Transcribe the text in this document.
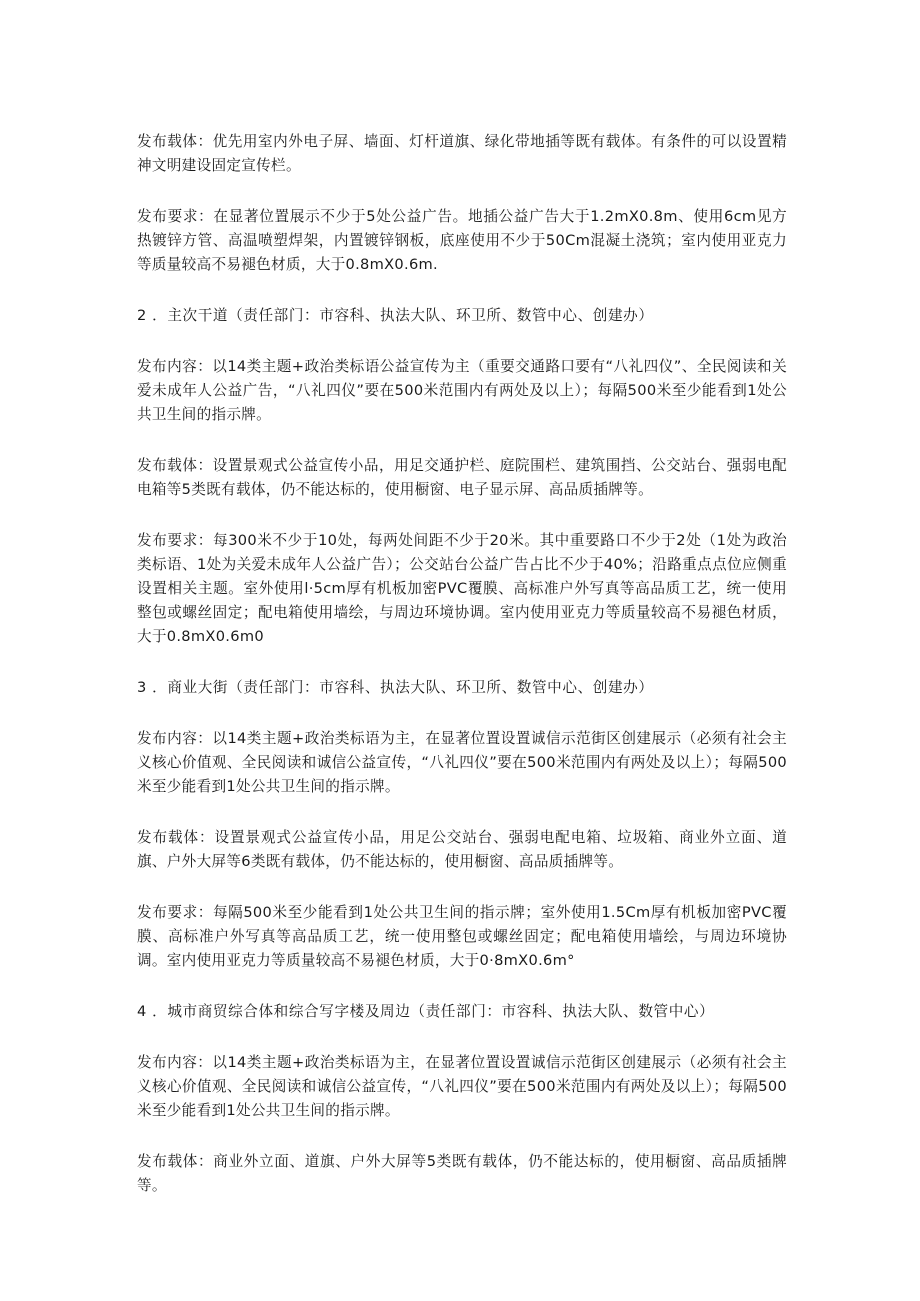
发布载体：优先用室内外电子屏、墙面、灯杆道旗、绿化带地插等既有载体。有条件的可以设置精神文明建设固定宣传栏。

发布要求：在显著位置展示不少于5处公益广告。地插公益广告大于1.2mX0.8m、使用6cm见方热镀锌方管、高温喷塑焊架，内置镀锌钢板，底座使用不少于50Cm混凝土浇筑；室内使用亚克力等质量较高不易褪色材质，大于0.8mX0.6m.

2 ．主次干道（责任部门：市容科、执法大队、环卫所、数管中心、创建办）

发布内容：以14类主题+政治类标语公益宣传为主（重要交通路口要有“八礼四仪”、全民阅读和关爱未成年人公益广告，“八礼四仪”要在500米范围内有两处及以上）；每隔500米至少能看到1处公共卫生间的指示牌。

发布载体：设置景观式公益宣传小品，用足交通护栏、庭院围栏、建筑围挡、公交站台、强弱电配电箱等5类既有载体，仍不能达标的，使用橱窗、电子显示屏、高品质插牌等。

发布要求：每300米不少于10处，每两处间距不少于20米。其中重要路口不少于2处（1处为政治类标语、1处为关爱未成年人公益广告）；公交站台公益广告占比不少于40%；沿路重点点位应侧重设置相关主题。室外使用l·5cm厚有机板加密PVC覆膜、高标准户外写真等高品质工艺，统一使用整包或螺丝固定；配电箱使用墙绘，与周边环境协调。室内使用亚克力等质量较高不易褪色材质，大于0.8mX0.6m0

3 ．商业大街（责任部门：市容科、执法大队、环卫所、数管中心、创建办）

发布内容：以14类主题+政治类标语为主，在显著位置设置诚信示范街区创建展示（必须有社会主义核心价值观、全民阅读和诚信公益宣传，“八礼四仪”要在500米范围内有两处及以上）；每隔500米至少能看到1处公共卫生间的指示牌。

发布载体：设置景观式公益宣传小品，用足公交站台、强弱电配电箱、垃圾箱、商业外立面、道旗、户外大屏等6类既有载体，仍不能达标的，使用橱窗、高品质插牌等。

发布要求：每隔500米至少能看到1处公共卫生间的指示牌；室外使用1.5Cm厚有机板加密PVC覆膜、高标准户外写真等高品质工艺，统一使用整包或螺丝固定；配电箱使用墙绘，与周边环境协调。室内使用亚克力等质量较高不易褪色材质，大于0·8mX0.6m°

4 ．城市商贸综合体和综合写字楼及周边（责任部门：市容科、执法大队、数管中心）

发布内容：以14类主题+政治类标语为主，在显著位置设置诚信示范街区创建展示（必须有社会主义核心价值观、全民阅读和诚信公益宣传，“八礼四仪”要在500米范围内有两处及以上）；每隔500米至少能看到1处公共卫生间的指示牌。

发布载体：商业外立面、道旗、户外大屏等5类既有载体，仍不能达标的，使用橱窗、高品质插牌等。
